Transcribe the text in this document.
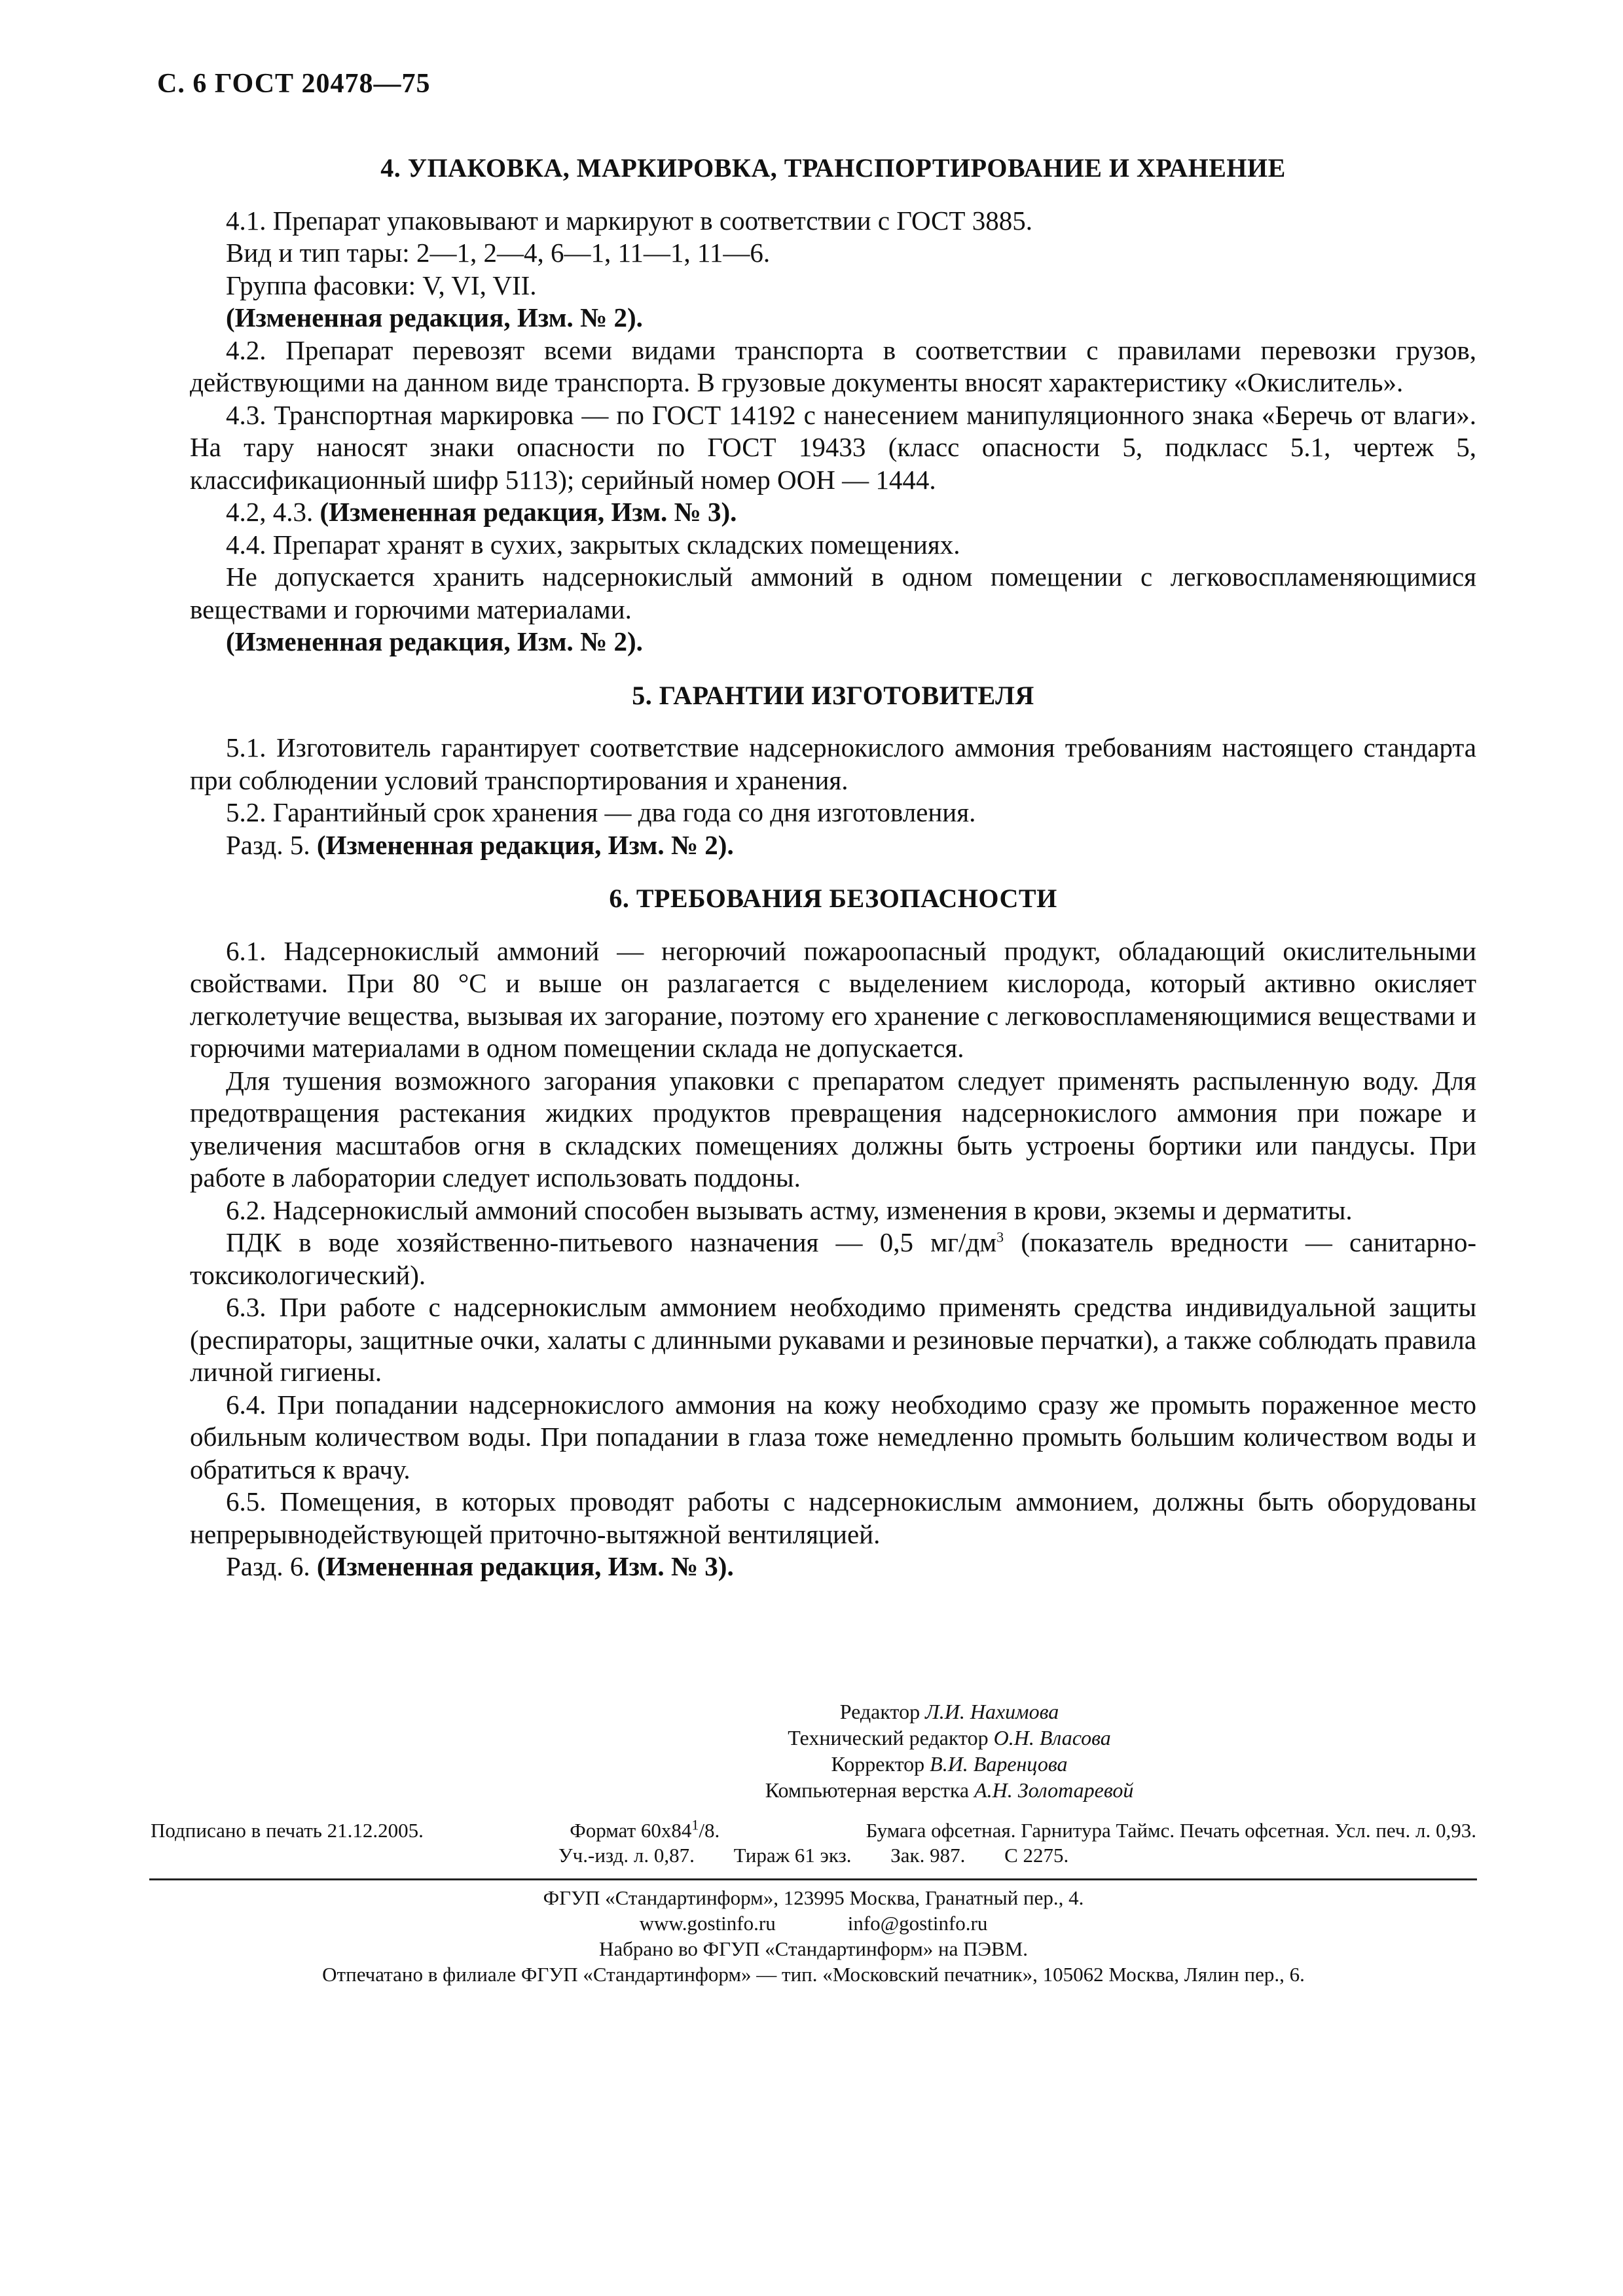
С. 6 ГОСТ 20478—75
4. УПАКОВКА, МАРКИРОВКА, ТРАНСПОРТИРОВАНИЕ И ХРАНЕНИЕ

4.1. Препарат упаковывают и маркируют в соответствии с ГОСТ 3885.

Вид и тип тары: 2—1, 2—4, 6—1, 11—1, 11—6.

Группа фасовки: V, VI, VII.

(Измененная редакция, Изм. № 2).

4.2. Препарат перевозят всеми видами транспорта в соответствии с правилами перевозки грузов, действующими на данном виде транспорта. В грузовые документы вносят характеристику «Окислитель».

4.3. Транспортная маркировка — по ГОСТ 14192 с нанесением манипуляционного знака «Беречь от влаги». На тару наносят знаки опасности по ГОСТ 19433 (класс опасности 5, подкласс 5.1, чертеж 5, классификационный шифр 5113); серийный номер ООН — 1444.

4.2, 4.3. (Измененная редакция, Изм. № 3).

4.4. Препарат хранят в сухих, закрытых складских помещениях.

Не допускается хранить надсернокислый аммоний в одном помещении с легковоспламеняющимися веществами и горючими материалами.

(Измененная редакция, Изм. № 2).

5. ГАРАНТИИ ИЗГОТОВИТЕЛЯ

5.1. Изготовитель гарантирует соответствие надсернокислого аммония требованиям настоящего стандарта при соблюдении условий транспортирования и хранения.

5.2. Гарантийный срок хранения — два года со дня изготовления.

Разд. 5. (Измененная редакция, Изм. № 2).

6. ТРЕБОВАНИЯ БЕЗОПАСНОСТИ

6.1. Надсернокислый аммоний — негорючий пожароопасный продукт, обладающий окислительными свойствами. При 80 °С и выше он разлагается с выделением кислорода, который активно окисляет легколетучие вещества, вызывая их загорание, поэтому его хранение с легковоспламеняющимися веществами и горючими материалами в одном помещении склада не допускается.

Для тушения возможного загорания упаковки с препаратом следует применять распыленную воду. Для предотвращения растекания жидких продуктов превращения надсернокислого аммония при пожаре и увеличения масштабов огня в складских помещениях должны быть устроены бортики или пандусы. При работе в лаборатории следует использовать поддоны.

6.2. Надсернокислый аммоний способен вызывать астму, изменения в крови, экземы и дерматиты.

ПДК в воде хозяйственно-питьевого назначения — 0,5 $мг/дм^3$ (показатель вредности — санитарно-токсикологический).

6.3. При работе с надсернокислым аммонием необходимо применять средства индивидуальной защиты (респираторы, защитные очки, халаты с длинными рукавами и резиновые перчатки), а также соблюдать правила личной гигиены.

6.4. При попадании надсернокислого аммония на кожу необходимо сразу же промыть пораженное место обильным количеством воды. При попадании в глаза тоже немедленно промыть большим количеством воды и обратиться к врачу.

6.5. Помещения, в которых проводят работы с надсернокислым аммонием, должны быть оборудованы непрерывнодействующей приточно-вытяжной вентиляцией.

Разд. 6. (Измененная редакция, Изм. № 3).

Редактор Л.И. Нахимова
Технический редактор О.Н. Власова
Корректор В.И. Варенцова
Компьютерная верстка А.Н. Золотаревой
Подписано в печать 21.12.2005.	Формат $60x84^1/8$.	Бумага офсетная. Гарнитура Таймс. Печать офсетная. Усл. печ. л. 0,93.
Уч.-изд. л. 0,87. Тираж 61 экз. Зак. 987. С 2275.
ФГУП «Стандартинформ», 123995 Москва, Гранатный пер., 4.
www.gostinfo.ru	info@gostinfo.ru
Набрано во ФГУП «Стандартинформ» на ПЭВМ.
Отпечатано в филиале ФГУП «Стандартинформ» — тип. «Московский печатник», 105062 Москва, Лялин пер., 6.
